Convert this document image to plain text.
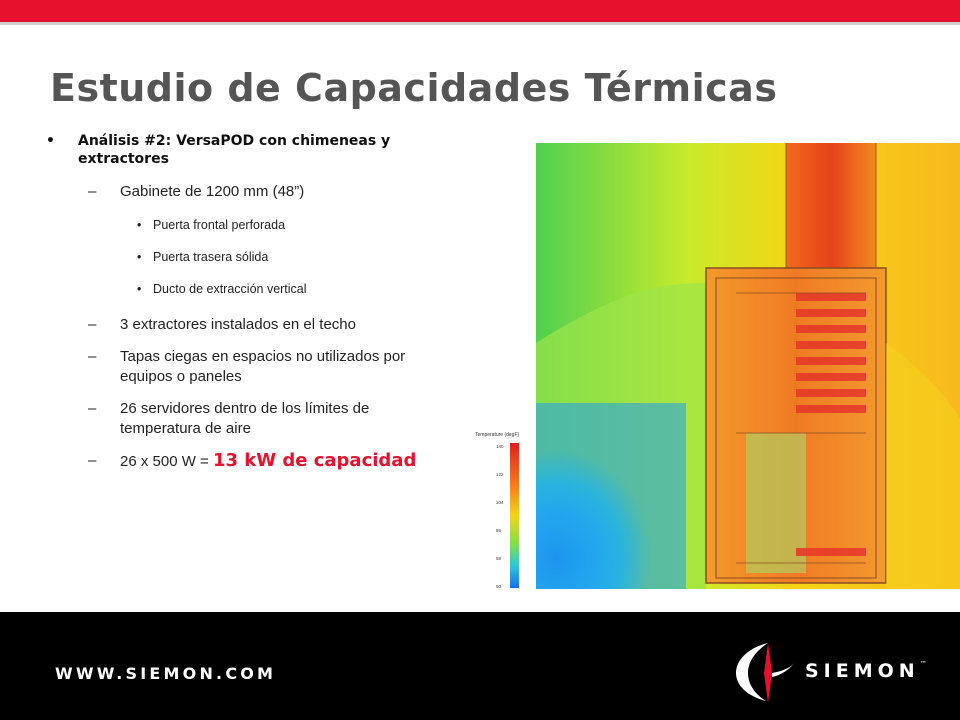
Estudio de Capacidades Térmicas
• Análisis #2: VersaPOD con chimeneas y extractores
– Gabinete de 1200 mm (48”)
• Puerta frontal perforada
• Puerta trasera sólida
• Ducto de extracción vertical
– 3 extractores instalados en el techo
– Tapas ciegas en espacios no utilizados por equipos o paneles
– 26 servidores dentro de los límites de temperatura de aire
– 26 x 500 W = 13 kW de capacidad
Temperature (degF)
140
122
104
86
68
50
WWW.SIEMON.COM	SIEMON™
